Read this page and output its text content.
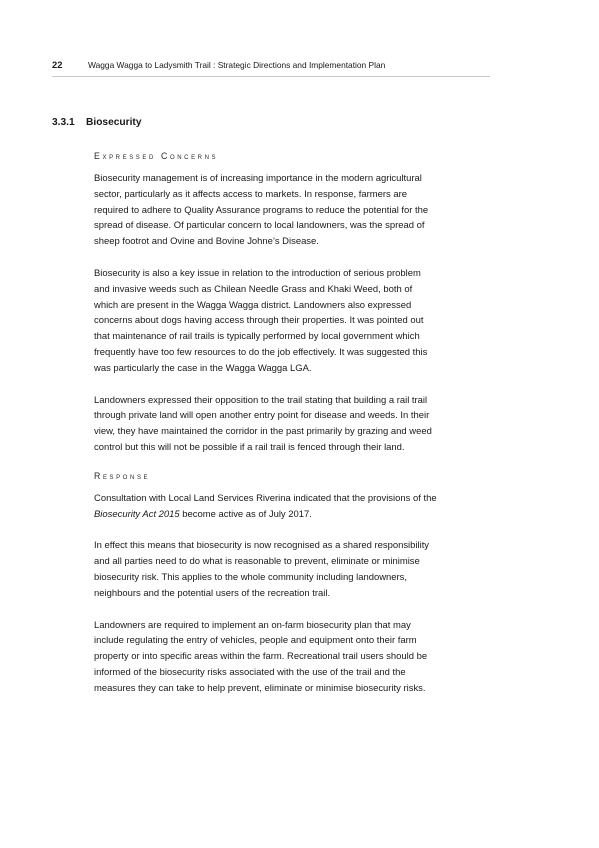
22	Wagga Wagga to Ladysmith Trail : Strategic Directions and Implementation Plan
3.3.1 Biosecurity

Expressed Concerns

Biosecurity management is of increasing importance in the modern agricultural sector, particularly as it affects access to markets. In response, farmers are required to adhere to Quality Assurance programs to reduce the potential for the spread of disease. Of particular concern to local landowners, was the spread of sheep footrot and Ovine and Bovine Johne’s Disease.

Biosecurity is also a key issue in relation to the introduction of serious problem and invasive weeds such as Chilean Needle Grass and Khaki Weed, both of which are present in the Wagga Wagga district. Landowners also expressed concerns about dogs having access through their properties. It was pointed out that maintenance of rail trails is typically performed by local government which frequently have too few resources to do the job effectively. It was suggested this was particularly the case in the Wagga Wagga LGA.

Landowners expressed their opposition to the trail stating that building a rail trail through private land will open another entry point for disease and weeds. In their view, they have maintained the corridor in the past primarily by grazing and weed control but this will not be possible if a rail trail is fenced through their land.

Response

Consultation with Local Land Services Riverina indicated that the provisions of the Biosecurity Act 2015 become active as of July 2017.

In effect this means that biosecurity is now recognised as a shared responsibility and all parties need to do what is reasonable to prevent, eliminate or minimise biosecurity risk. This applies to the whole community including landowners, neighbours and the potential users of the recreation trail.

Landowners are required to implement an on-farm biosecurity plan that may include regulating the entry of vehicles, people and equipment onto their farm property or into specific areas within the farm. Recreational trail users should be informed of the biosecurity risks associated with the use of the trail and the measures they can take to help prevent, eliminate or minimise biosecurity risks.
